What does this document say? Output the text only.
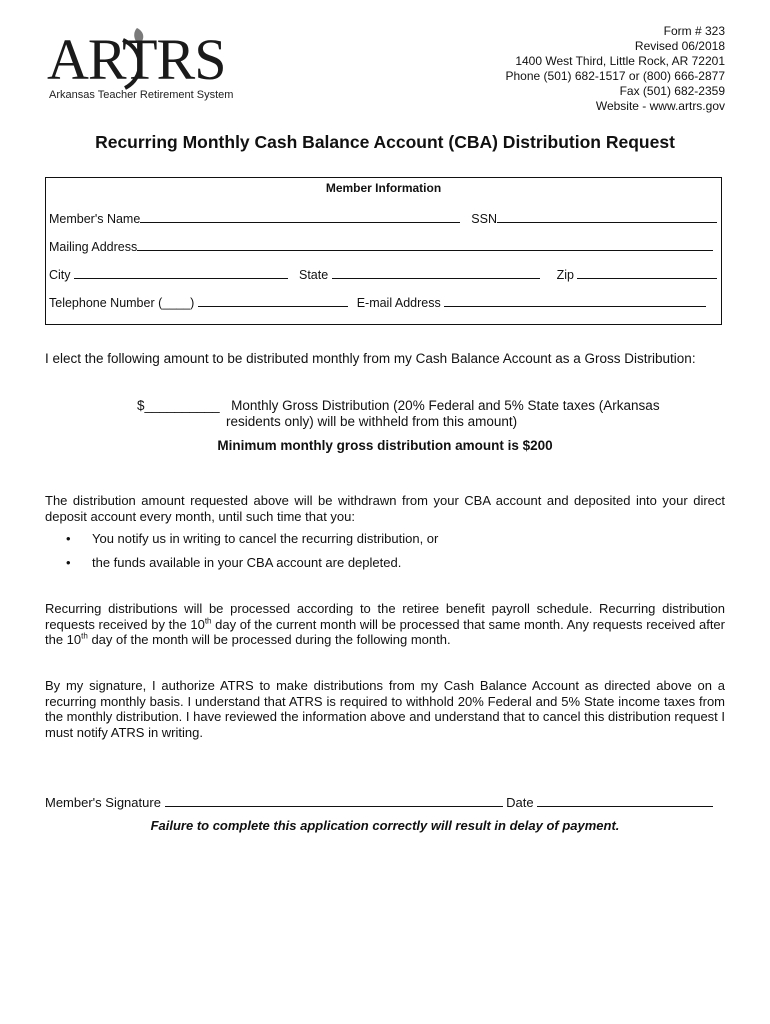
ARTRS
Arkansas Teacher Retirement System
Form # 323
Revised 06/2018
1400 West Third, Little Rock, AR 72201
Phone (501) 682-1517 or (800) 666-2877
Fax (501) 682-2359
Website - www.artrs.gov
Recurring Monthly Cash Balance Account (CBA) Distribution Request
Member Information
Member's Name	SSN
Mailing Address
City	State	Zip
Telephone Number (____)	E-mail Address
I elect the following amount to be distributed monthly from my Cash Balance Account as a Gross Distribution:
$__________ Monthly Gross Distribution (20% Federal and 5% State taxes (Arkansas
residents only) will be withheld from this amount)
Minimum monthly gross distribution amount is $200
The distribution amount requested above will be withdrawn from your CBA account and deposited into your direct deposit account every month, until such time that you:
• You notify us in writing to cancel the recurring distribution, or
• the funds available in your CBA account are depleted.
Recurring distributions will be processed according to the retiree benefit payroll schedule. Recurring distribution requests received by the 10th day of the current month will be processed that same month. Any requests received after the 10th day of the month will be processed during the following month.
By my signature, I authorize ATRS to make distributions from my Cash Balance Account as directed above on a recurring monthly basis. I understand that ATRS is required to withhold 20% Federal and 5% State income taxes from the monthly distribution. I have reviewed the information above and understand that to cancel this distribution request I must notify ATRS in writing.
Member's Signature	Date
Failure to complete this application correctly will result in delay of payment.
